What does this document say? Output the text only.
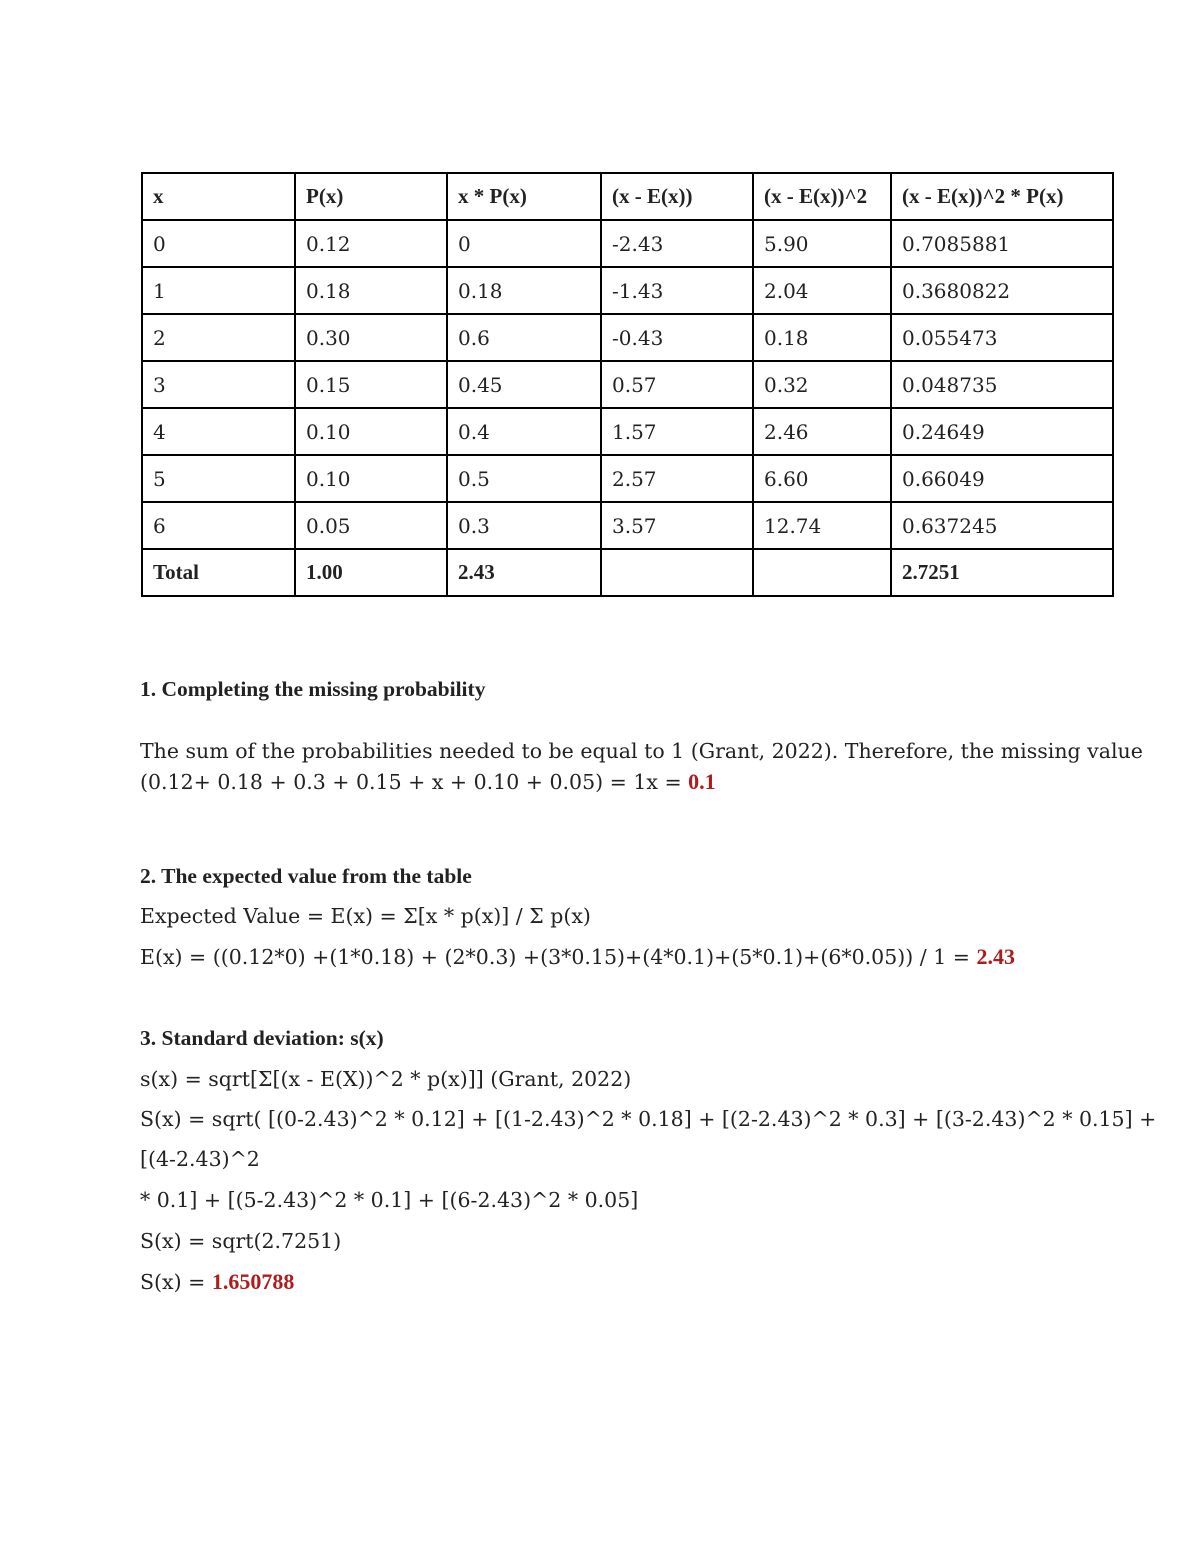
x	P(x)	x * P(x)	(x - E(x))	(x - E(x))^2	(x - E(x))^2 * P(x)
0	0.12	0	-2.43	5.90	0.7085881
1	0.18	0.18	-1.43	2.04	0.3680822
2	0.30	0.6	-0.43	0.18	0.055473
3	0.15	0.45	0.57	0.32	0.048735
4	0.10	0.4	1.57	2.46	0.24649
5	0.10	0.5	2.57	6.60	0.66049
6	0.05	0.3	3.57	12.74	0.637245
Total	1.00	2.43			2.7251
1. Completing the missing probability
The sum of the probabilities needed to be equal to 1 (Grant, 2022). Therefore, the missing value
(0.12+ 0.18 + 0.3 + 0.15 + x + 0.10 + 0.05) = 1x = 0.1
2. The expected value from the table
Expected Value = E(x) = Σ[x * p(x)] / Σ p(x)
E(x) = ((0.12*0) +(1*0.18) + (2*0.3) +(3*0.15)+(4*0.1)+(5*0.1)+(6*0.05)) / 1 = 2.43
3. Standard deviation: s(x)
s(x) = sqrt[Σ[(x - E(X))^2 * p(x)]] (Grant, 2022)
S(x) = sqrt( [(0-2.43)^2 * 0.12] + [(1-2.43)^2 * 0.18] + [(2-2.43)^2 * 0.3] + [(3-2.43)^2 * 0.15] +
[(4-2.43)^2
* 0.1] + [(5-2.43)^2 * 0.1] + [(6-2.43)^2 * 0.05]
S(x) = sqrt(2.7251)
S(x) = 1.650788
